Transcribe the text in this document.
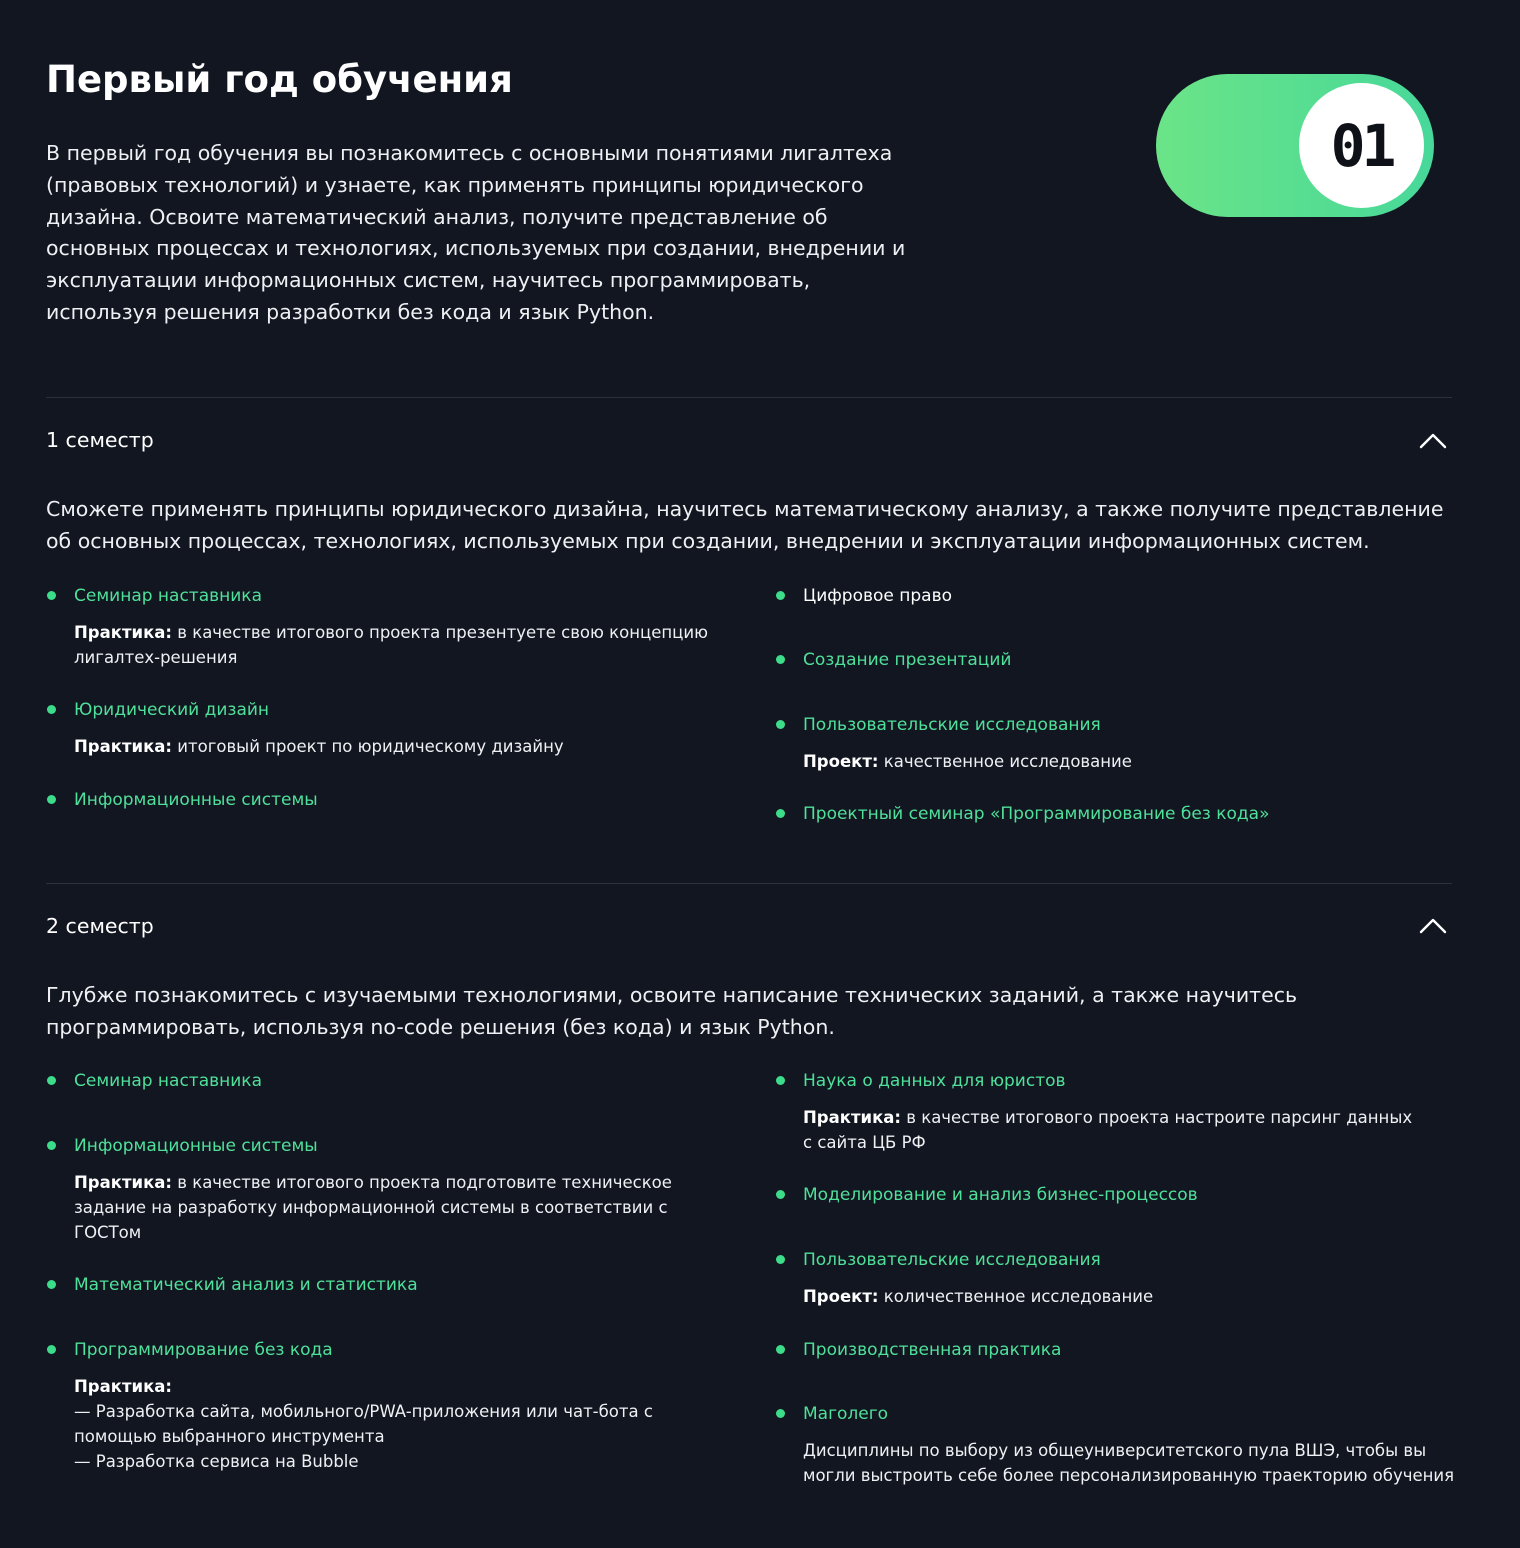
Первый год обучения

В первый год обучения вы познакомитесь с основными понятиями лигалтеха (правовых технологий) и узнаете, как применять принципы юридического дизайна. Освоите математический анализ, получите представление об основных процессах и технологиях, используемых при создании, внедрении и эксплуатации информационных систем, научитесь программировать, используя решения разработки без кода и язык Python.

01
1 семестр

Сможете применять принципы юридического дизайна, научитесь математическому анализу, а также получите представление об основных процессах, технологиях, используемых при создании, внедрении и эксплуатации информационных систем.

Семинар наставника
Практика: в качестве итогового проекта презентуете свою концепцию лигалтех-решения
Юридический дизайн
Практика: итоговый проект по юридическому дизайну
Информационные системы
Цифровое право
Создание презентаций
Пользовательские исследования
Проект: качественное исследование
Проектный семинар «Программирование без кода»
2 семестр

Глубже познакомитесь с изучаемыми технологиями, освоите написание технических заданий, а также научитесь программировать, используя no-code решения (без кода) и язык Python.

Семинар наставника
Информационные системы
Практика: в качестве итогового проекта подготовите техническое задание на разработку информационной системы в соответствии с ГОСТом
Математический анализ и статистика
Программирование без кода
Практика:
— Разработка сайта, мобильного/PWA-приложения или чат-бота с помощью выбранного инструмента
— Разработка сервиса на Bubble
Наука о данных для юристов
Практика: в качестве итогового проекта настроите парсинг данных с сайта ЦБ РФ
Моделирование и анализ бизнес-процессов
Пользовательские исследования
Проект: количественное исследование
Производственная практика
Маголего
Дисциплины по выбору из общеуниверситетского пула ВШЭ, чтобы вы могли выстроить себе более персонализированную траекторию обучения
